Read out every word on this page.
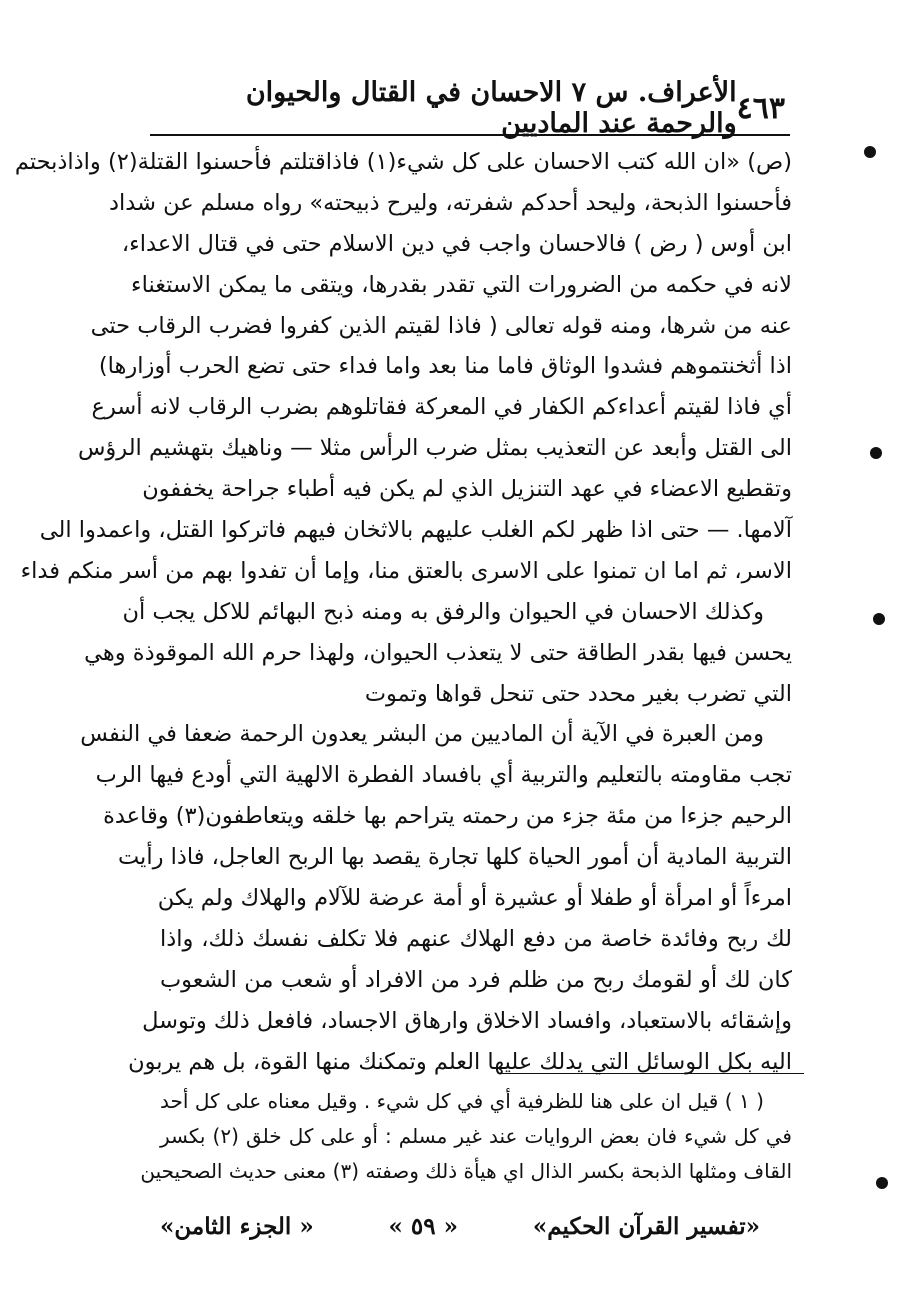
٤٦٣
الأعراف. س ٧ الاحسان في القتال والحيوان والرحمة عند الماديين
(ص) «ان الله كتب الاحسان على كل شيء(١) فاذاقتلتم فأحسنوا القتلة(٢) واذاذبحتم
فأحسنوا الذبحة، وليحد أحدكم شفرته، وليرح ذبيحته» رواه مسلم عن شداد
ابن أوس ( رض ) فالاحسان واجب في دين الاسلام حتى في قتال الاعداء،
لانه في حكمه من الضرورات التي تقدر بقدرها، ويتقى ما يمكن الاستغناء
عنه من شرها، ومنه قوله تعالى ( فاذا لقيتم الذين كفروا فضرب الرقاب حتى
اذا أثخنتموهم فشدوا الوثاق فاما منا بعد واما فداء حتى تضع الحرب أوزارها)
أي فاذا لقيتم أعداءكم الكفار في المعركة فقاتلوهم بضرب الرقاب لانه أسرع
الى القتل وأبعد عن التعذيب بمثل ضرب الرأس مثلا — وناهيك بتهشيم الرؤس
وتقطيع الاعضاء في عهد التنزيل الذي لم يكن فيه أطباء جراحة يخففون
آلامها. — حتى اذا ظهر لكم الغلب عليهم بالاثخان فيهم فاتركوا القتل، واعمدوا الى
الاسر، ثم اما ان تمنوا على الاسرى بالعتق منا، وإما أن تفدوا بهم من أسر منكم فداء
وكذلك الاحسان في الحيوان والرفق به ومنه ذبح البهائم للاكل يجب أن
يحسن فيها بقدر الطاقة حتى لا يتعذب الحيوان، ولهذا حرم الله الموقوذة وهي
التي تضرب بغير محدد حتى تنحل قواها وتموت
ومن العبرة في الآية أن الماديين من البشر يعدون الرحمة ضعفا في النفس
تجب مقاومته بالتعليم والتربية أي بافساد الفطرة الالهية التي أودع فيها الرب
الرحيم جزءا من مئة جزء من رحمته يتراحم بها خلقه ويتعاطفون(٣) وقاعدة
التربية المادية أن أمور الحياة كلها تجارة يقصد بها الربح العاجل، فاذا رأيت
امرءاً أو امرأة أو طفلا أو عشيرة أو أمة عرضة للآلام والهلاك ولم يكن
لك ربح وفائدة خاصة من دفع الهلاك عنهم فلا تكلف نفسك ذلك، واذا
كان لك أو لقومك ربح من ظلم فرد من الافراد أو شعب من الشعوب
وإشقائه بالاستعباد، وافساد الاخلاق وارهاق الاجساد، فافعل ذلك وتوسل
اليه بكل الوسائل التي يدلك عليها العلم وتمكنك منها القوة، بل هم يربون
( ١ ) قيل ان على هنا للظرفية أي في كل شيء . وقيل معناه على كل أحد
في كل شيء فان بعض الروايات عند غير مسلم : أو على كل خلق (٢) بكسر
القاف ومثلها الذبحة بكسر الذال اي هيأة ذلك وصفته (٣) معنى حديث الصحيحين
«تفسير القرآن الحكيم»
« ٥٩ »
« الجزء الثامن»
